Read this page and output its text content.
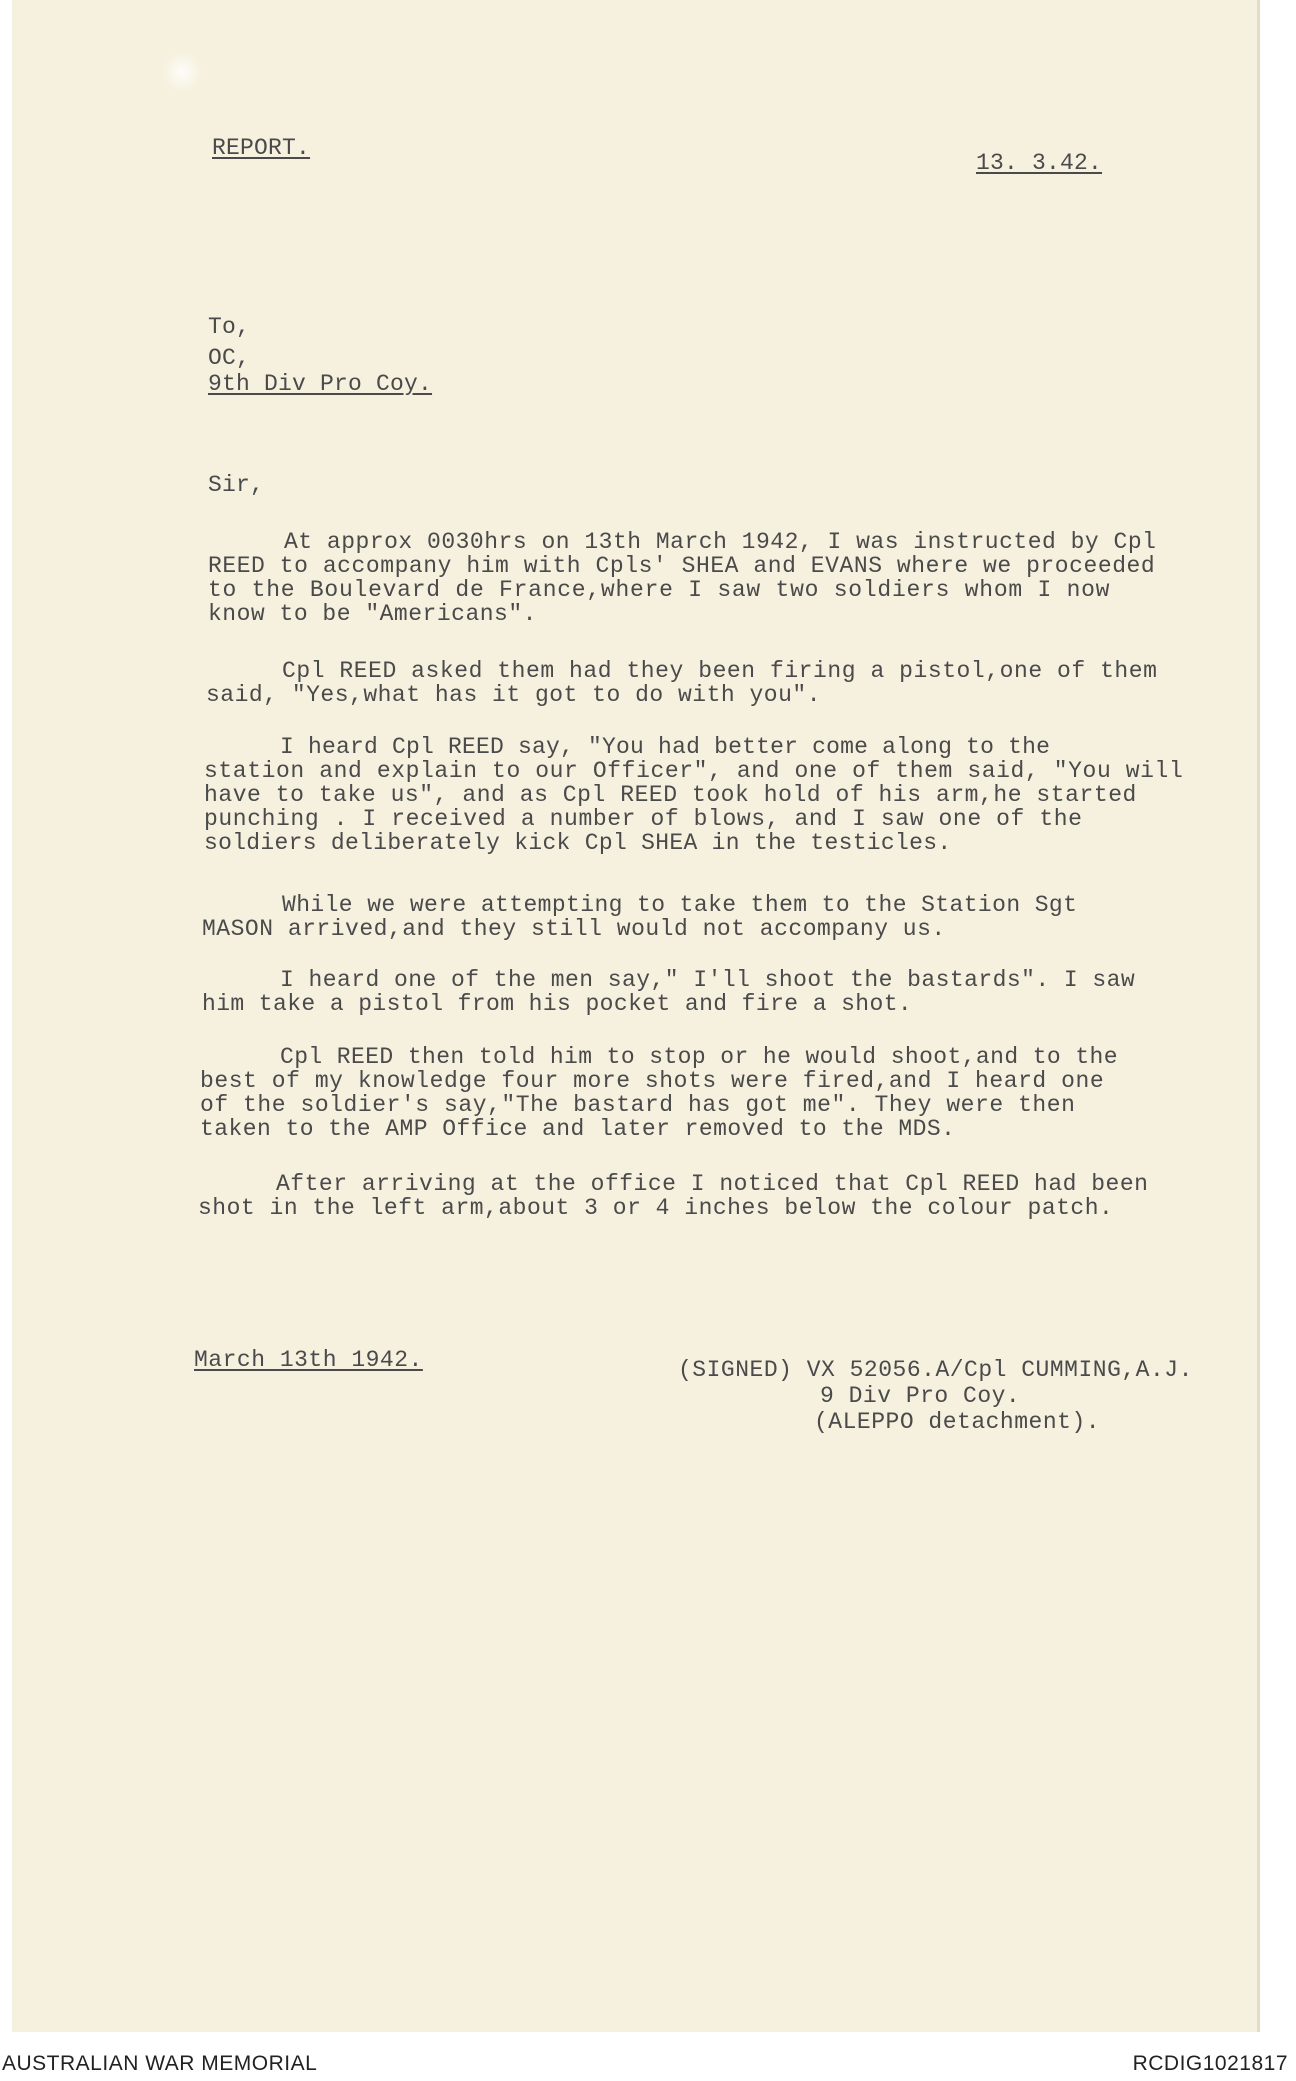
REPORT.
13. 3.42.
To,
OC,
9th Div Pro Coy.
Sir,
At approx 0030hrs on 13th March 1942, I was instructed by Cpl
REED to accompany him with Cpls' SHEA and EVANS where we proceeded
to the Boulevard de France,where I saw two soldiers whom I now
know to be "Americans".
Cpl REED asked them had they been firing a pistol,one of them
said, "Yes,what has it got to do with you".
I heard Cpl REED say, "You had better come along to the
station and explain to our Officer", and one of them said, "You will
have to take us", and as Cpl REED took hold of his arm,he started
punching . I received a number of blows, and I saw one of the
soldiers deliberately kick Cpl SHEA in the testicles.
While we were attempting to take them to the Station Sgt
MASON arrived,and they still would not accompany us.
I heard one of the men say," I'll shoot the bastards". I saw
him take a pistol from his pocket and fire a shot.
Cpl REED then told him to stop or he would shoot,and to the
best of my knowledge four more shots were fired,and I heard one
of the soldier's say,"The bastard has got me". They were then
taken to the AMP Office and later removed to the MDS.
After arriving at the office I noticed that Cpl REED had been
shot in the left arm,about 3 or 4 inches below the colour patch.
March 13th 1942.	(SIGNED) VX 52056.A/Cpl CUMMING,A.J.
9 Div Pro Coy.
(ALEPPO detachment).
AUSTRALIAN WAR MEMORIAL	RCDIG1021817
